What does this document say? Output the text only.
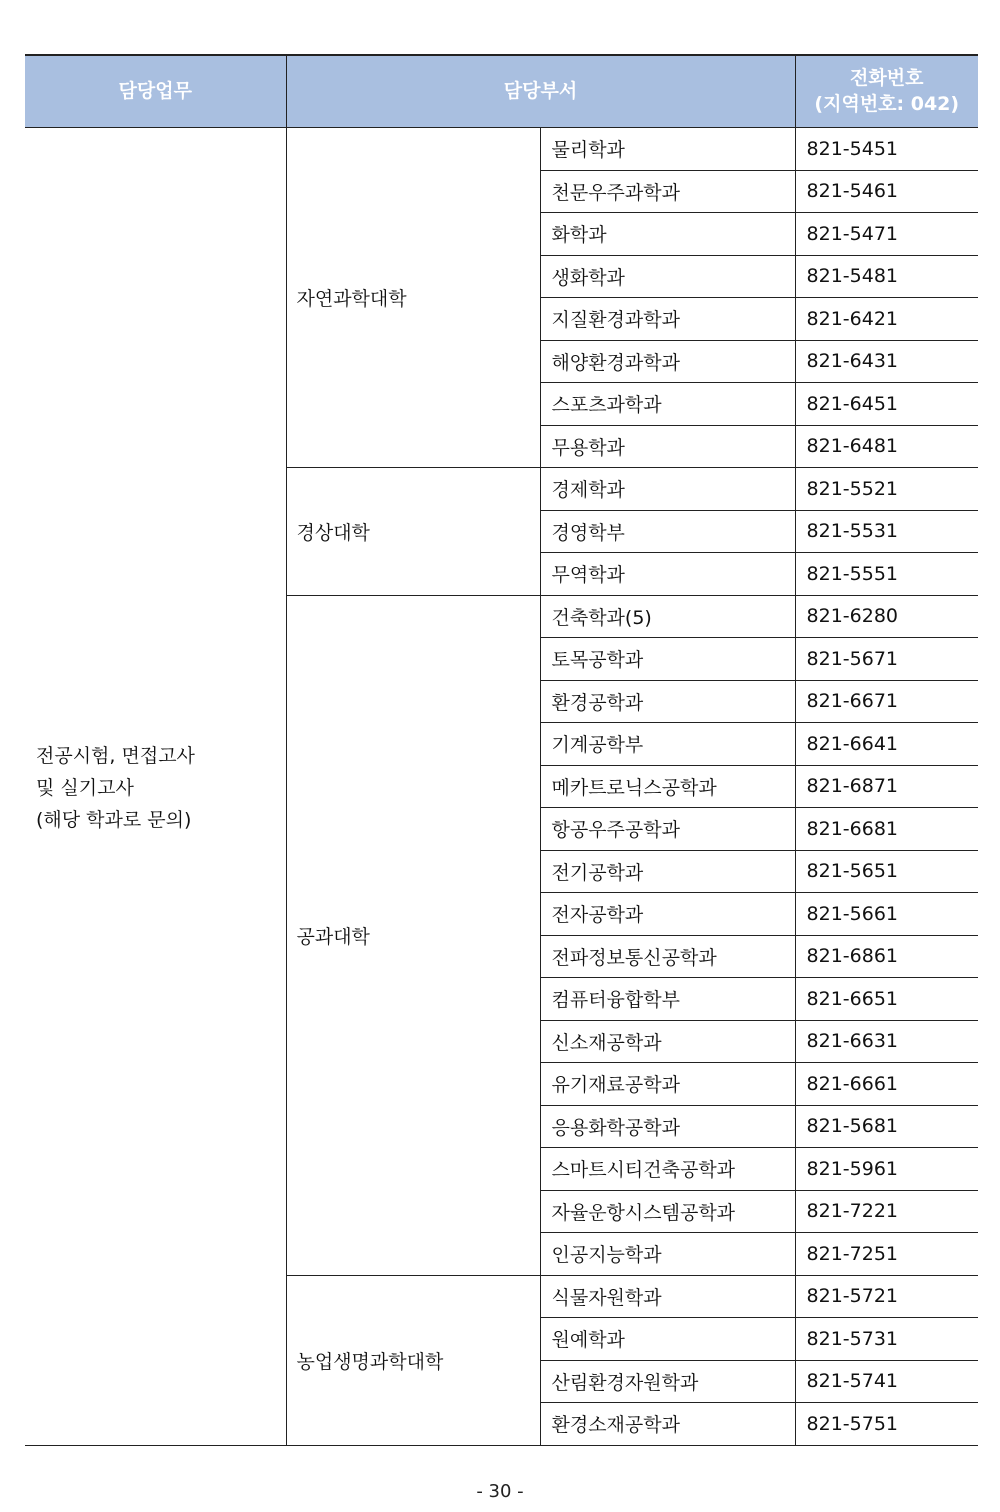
담당업무	담당부서		전화번호
(지역번호: 042)

전공시험, 면접고사
및 실기고사
(해당 학과로 문의)	자연과학대학	물리학과	821-5451
		천문우주과학과	821-5461
		화학과	821-5471
		생화학과	821-5481
		지질환경과학과	821-6421
		해양환경과학과	821-6431
		스포츠과학과	821-6451
		무용학과	821-6481
	경상대학	경제학과	821-5521
		경영학부	821-5531
		무역학과	821-5551
	공과대학	건축학과(5)	821-6280
		토목공학과	821-5671
		환경공학과	821-6671
		기계공학부	821-6641
		메카트로닉스공학과	821-6871
		항공우주공학과	821-6681
		전기공학과	821-5651
		전자공학과	821-5661
		전파정보통신공학과	821-6861
		컴퓨터융합학부	821-6651
		신소재공학과	821-6631
		유기재료공학과	821-6661
		응용화학공학과	821-5681
		스마트시티건축공학과	821-5961
		자율운항시스템공학과	821-7221
		인공지능학과	821-7251
	농업생명과학대학	식물자원학과	821-5721
		원예학과	821-5731
		산림환경자원학과	821-5741
		환경소재공학과	821-5751
- 30 -
